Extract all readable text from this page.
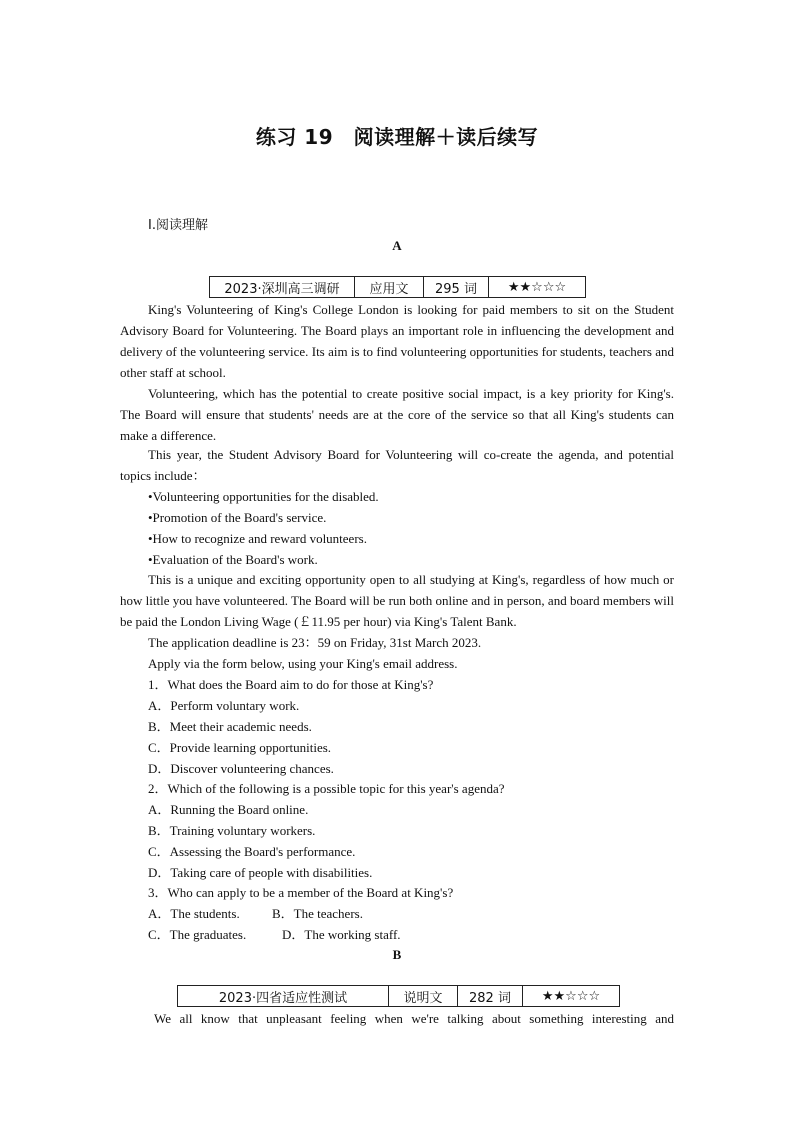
练习 19　阅读理解＋读后续写
Ⅰ.阅读理解
A
2023·深圳高三调研	应用文	295 词	★★☆☆☆

King's Volunteering of King's College London is looking for paid members to sit on the Student Advisory Board for Volunteering. The Board plays an important role in influencing the development and delivery of the volunteering service. Its aim is to find volunteering opportunities for students, teachers and other staff at school.

Volunteering, which has the potential to create positive social impact, is a key priority for King's. The Board will ensure that students' needs are at the core of the service so that all King's students can make a difference.

This year, the Student Advisory Board for Volunteering will co-create the agenda, and potential topics include：

•Volunteering opportunities for the disabled.
•Promotion of the Board's service.
•How to recognize and reward volunteers.
•Evaluation of the Board's work.

This is a unique and exciting opportunity open to all studying at King's, regardless of how much or how little you have volunteered. The Board will be run both online and in person, and board members will be paid the London Living Wage (￡11.95 per hour) via King's Talent Bank.

The application deadline is 23：59 on Friday, 31st March 2023.
Apply via the form below, using your King's email address.
1．What does the Board aim to do for those at King's?
A．Perform voluntary work.
B．Meet their academic needs.
C．Provide learning opportunities.
D．Discover volunteering chances.
2．Which of the following is a possible topic for this year's agenda?
A．Running the Board online.
B．Training voluntary workers.
C．Assessing the Board's performance.
D．Taking care of people with disabilities.
3．Who can apply to be a member of the Board at King's?
A．The students. B．The teachers.
C．The graduates.	D．The working staff.
B
2023·四省适应性测试	说明文	282 词	★★☆☆☆

We all know that unpleasant feeling when we're talking about something interesting and
